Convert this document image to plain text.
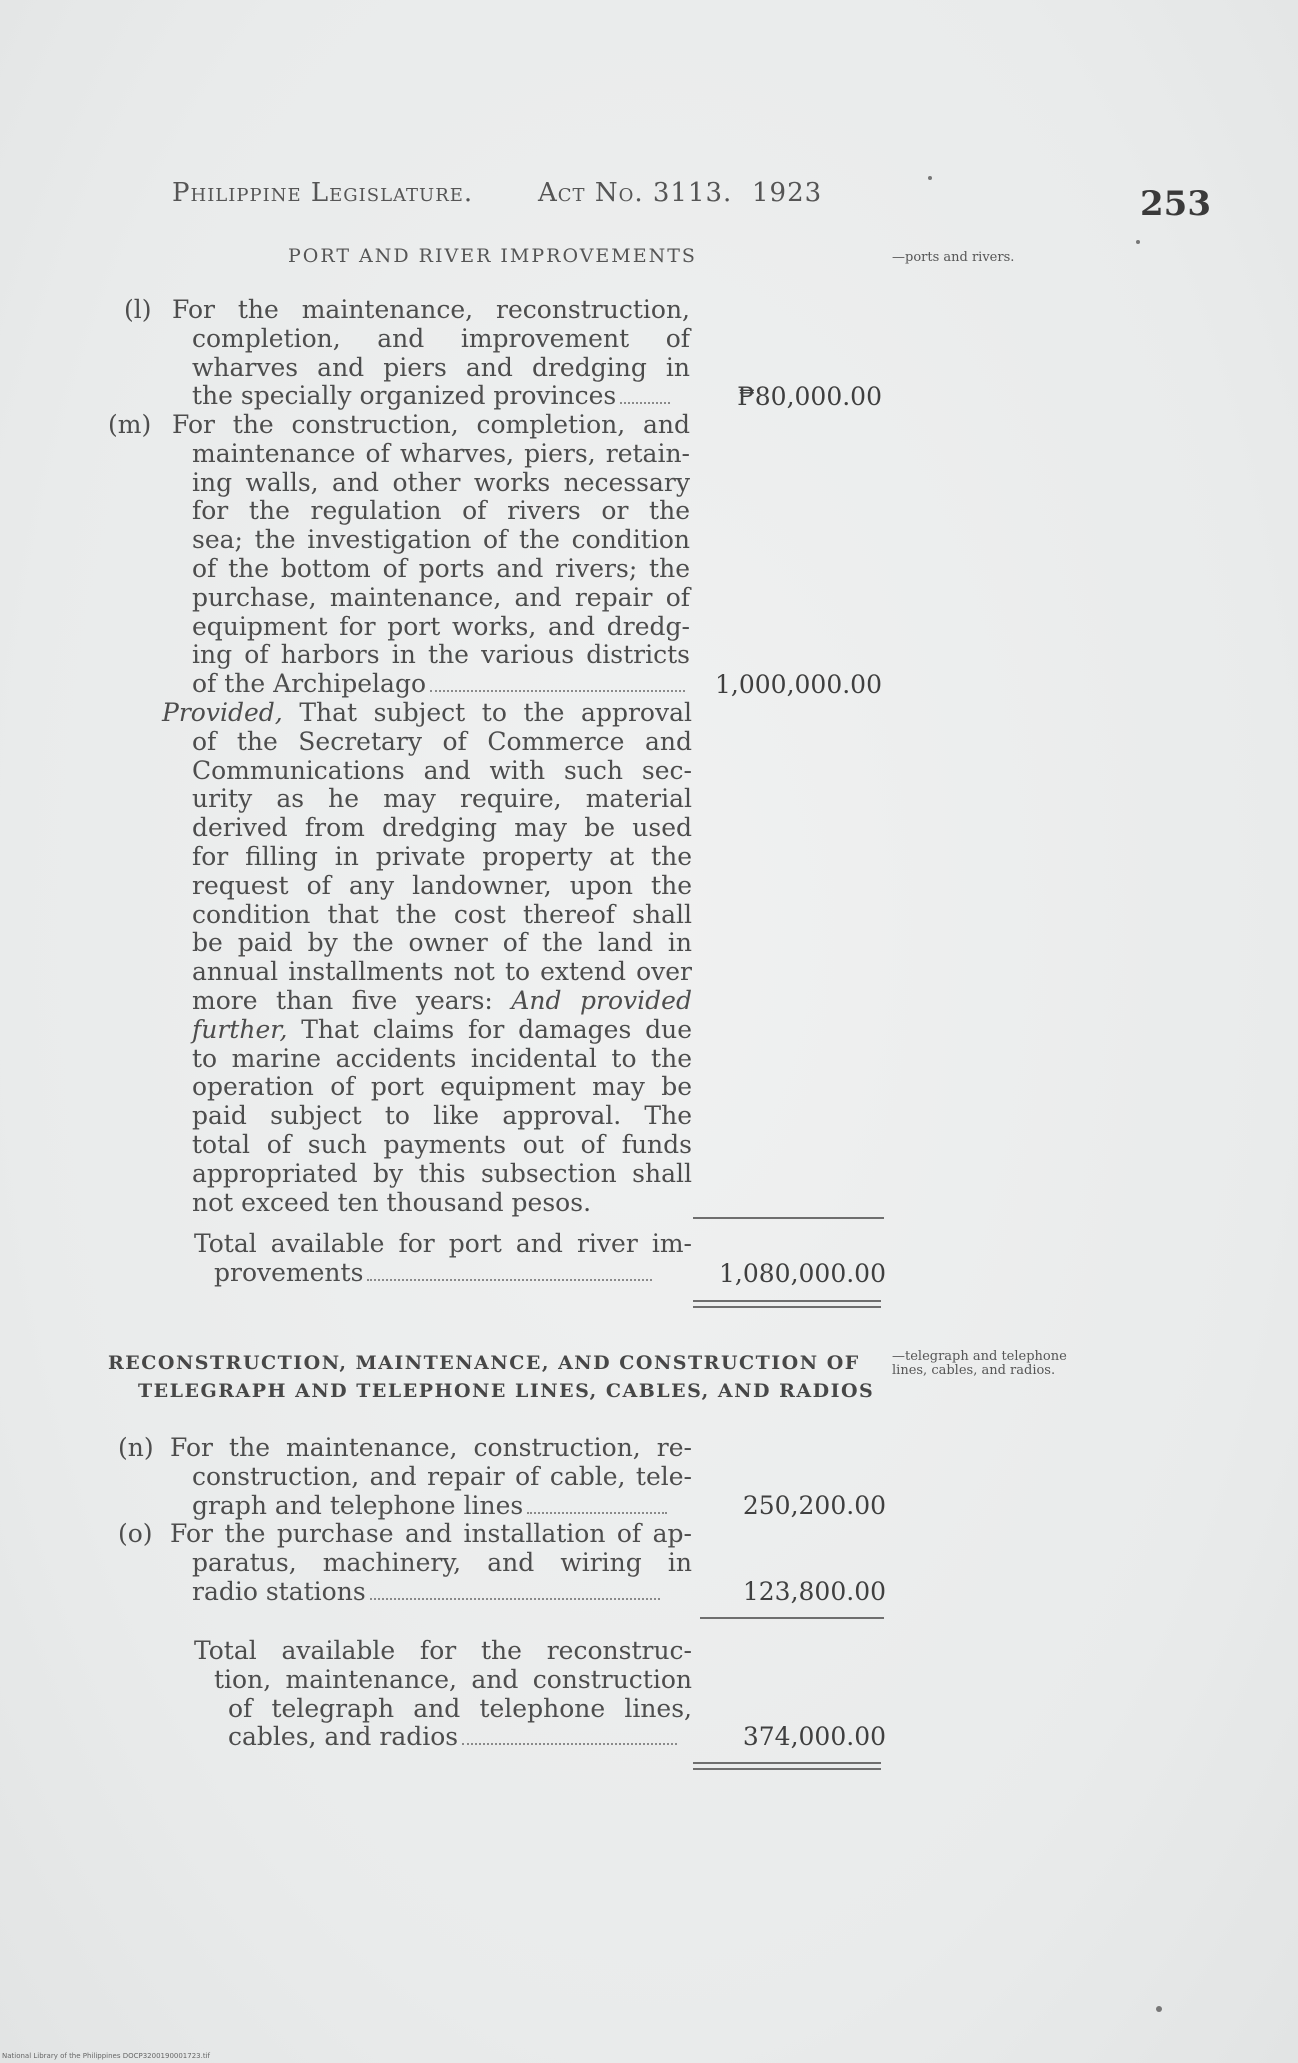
Philippine Legislature. Act No. 3113. 1923	253
PORT AND RIVER IMPROVEMENTS	—ports and rivers.
(l) For the maintenance, reconstruction,
completion, and improvement of
wharves and piers and dredging in
the specially organized provinces	₱80,000.00
(m) For the construction, completion, and
maintenance of wharves, piers, retain-
ing walls, and other works necessary
for the regulation of rivers or the
sea; the investigation of the condition
of the bottom of ports and rivers; the
purchase, maintenance, and repair of
equipment for port works, and dredg-
ing of harbors in the various districts
of the Archipelago	1,000,000.00
Provided, That subject to the approval
of the Secretary of Commerce and
Communications and with such sec-
urity as he may require, material
derived from dredging may be used
for filling in private property at the
request of any landowner, upon the
condition that the cost thereof shall
be paid by the owner of the land in
annual installments not to extend over
more than five years: And provided
further, That claims for damages due
to marine accidents incidental to the
operation of port equipment may be
paid subject to like approval. The
total of such payments out of funds
appropriated by this subsection shall
not exceed ten thousand pesos.
Total available for port and river im-
provements	1,080,000.00
RECONSTRUCTION, MAINTENANCE, AND CONSTRUCTION OF
TELEGRAPH AND TELEPHONE LINES, CABLES, AND RADIOS
—telegraph and telephone lines, cables, and radios.
(n) For the maintenance, construction, re-
construction, and repair of cable, tele-
graph and telephone lines	250,200.00
(o) For the purchase and installation of ap-
paratus, machinery, and wiring in
radio stations	123,800.00
Total available for the reconstruc-
tion, maintenance, and construction
of telegraph and telephone lines,
cables, and radios	374,000.00
National Library of the Philippines DOCP3200190001723.tif
